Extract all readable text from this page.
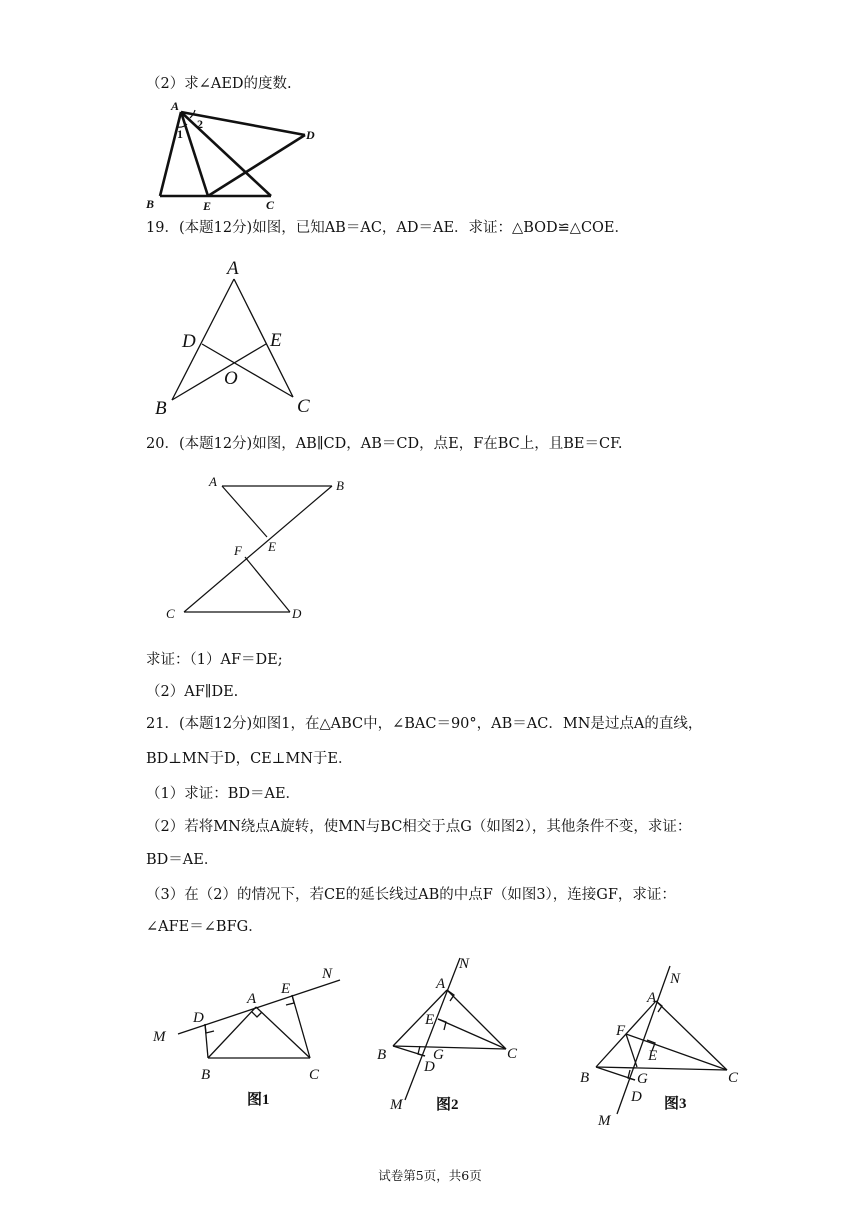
（2）求∠AED的度数.
A
1
2
D
B	E	C
19．(本题12分)如图，已知AB＝AC，AD＝AE．求证：△BOD≌△COE．
A
D	E
O
B	C
20．(本题12分)如图，AB∥CD，AB＝CD，点E，F在BC上，且BE＝CF.
A	B
E
F
C	D
求证：（1）AF＝DE;
（2）AF∥DE.
21．(本题12分)如图1，在△ABC中，∠BAC＝90°，AB＝AC．MN是过点A的直线，
BD⊥MN于D，CE⊥MN于E．
（1）求证：BD＝AE．
（2）若将MN绕点A旋转，使MN与BC相交于点G（如图2），其他条件不变，求证：
BD＝AE．
（3）在（2）的情况下，若CE的延长线过AB的中点F（如图3），连接GF，求证：
∠AFE＝∠BFG．
N
E
A
D
M
B	C
图1
N
A
E
B	G
D
C
M 图2
N
A
F
E
B	G
D
C
M
图3
试卷第5页，共6页
